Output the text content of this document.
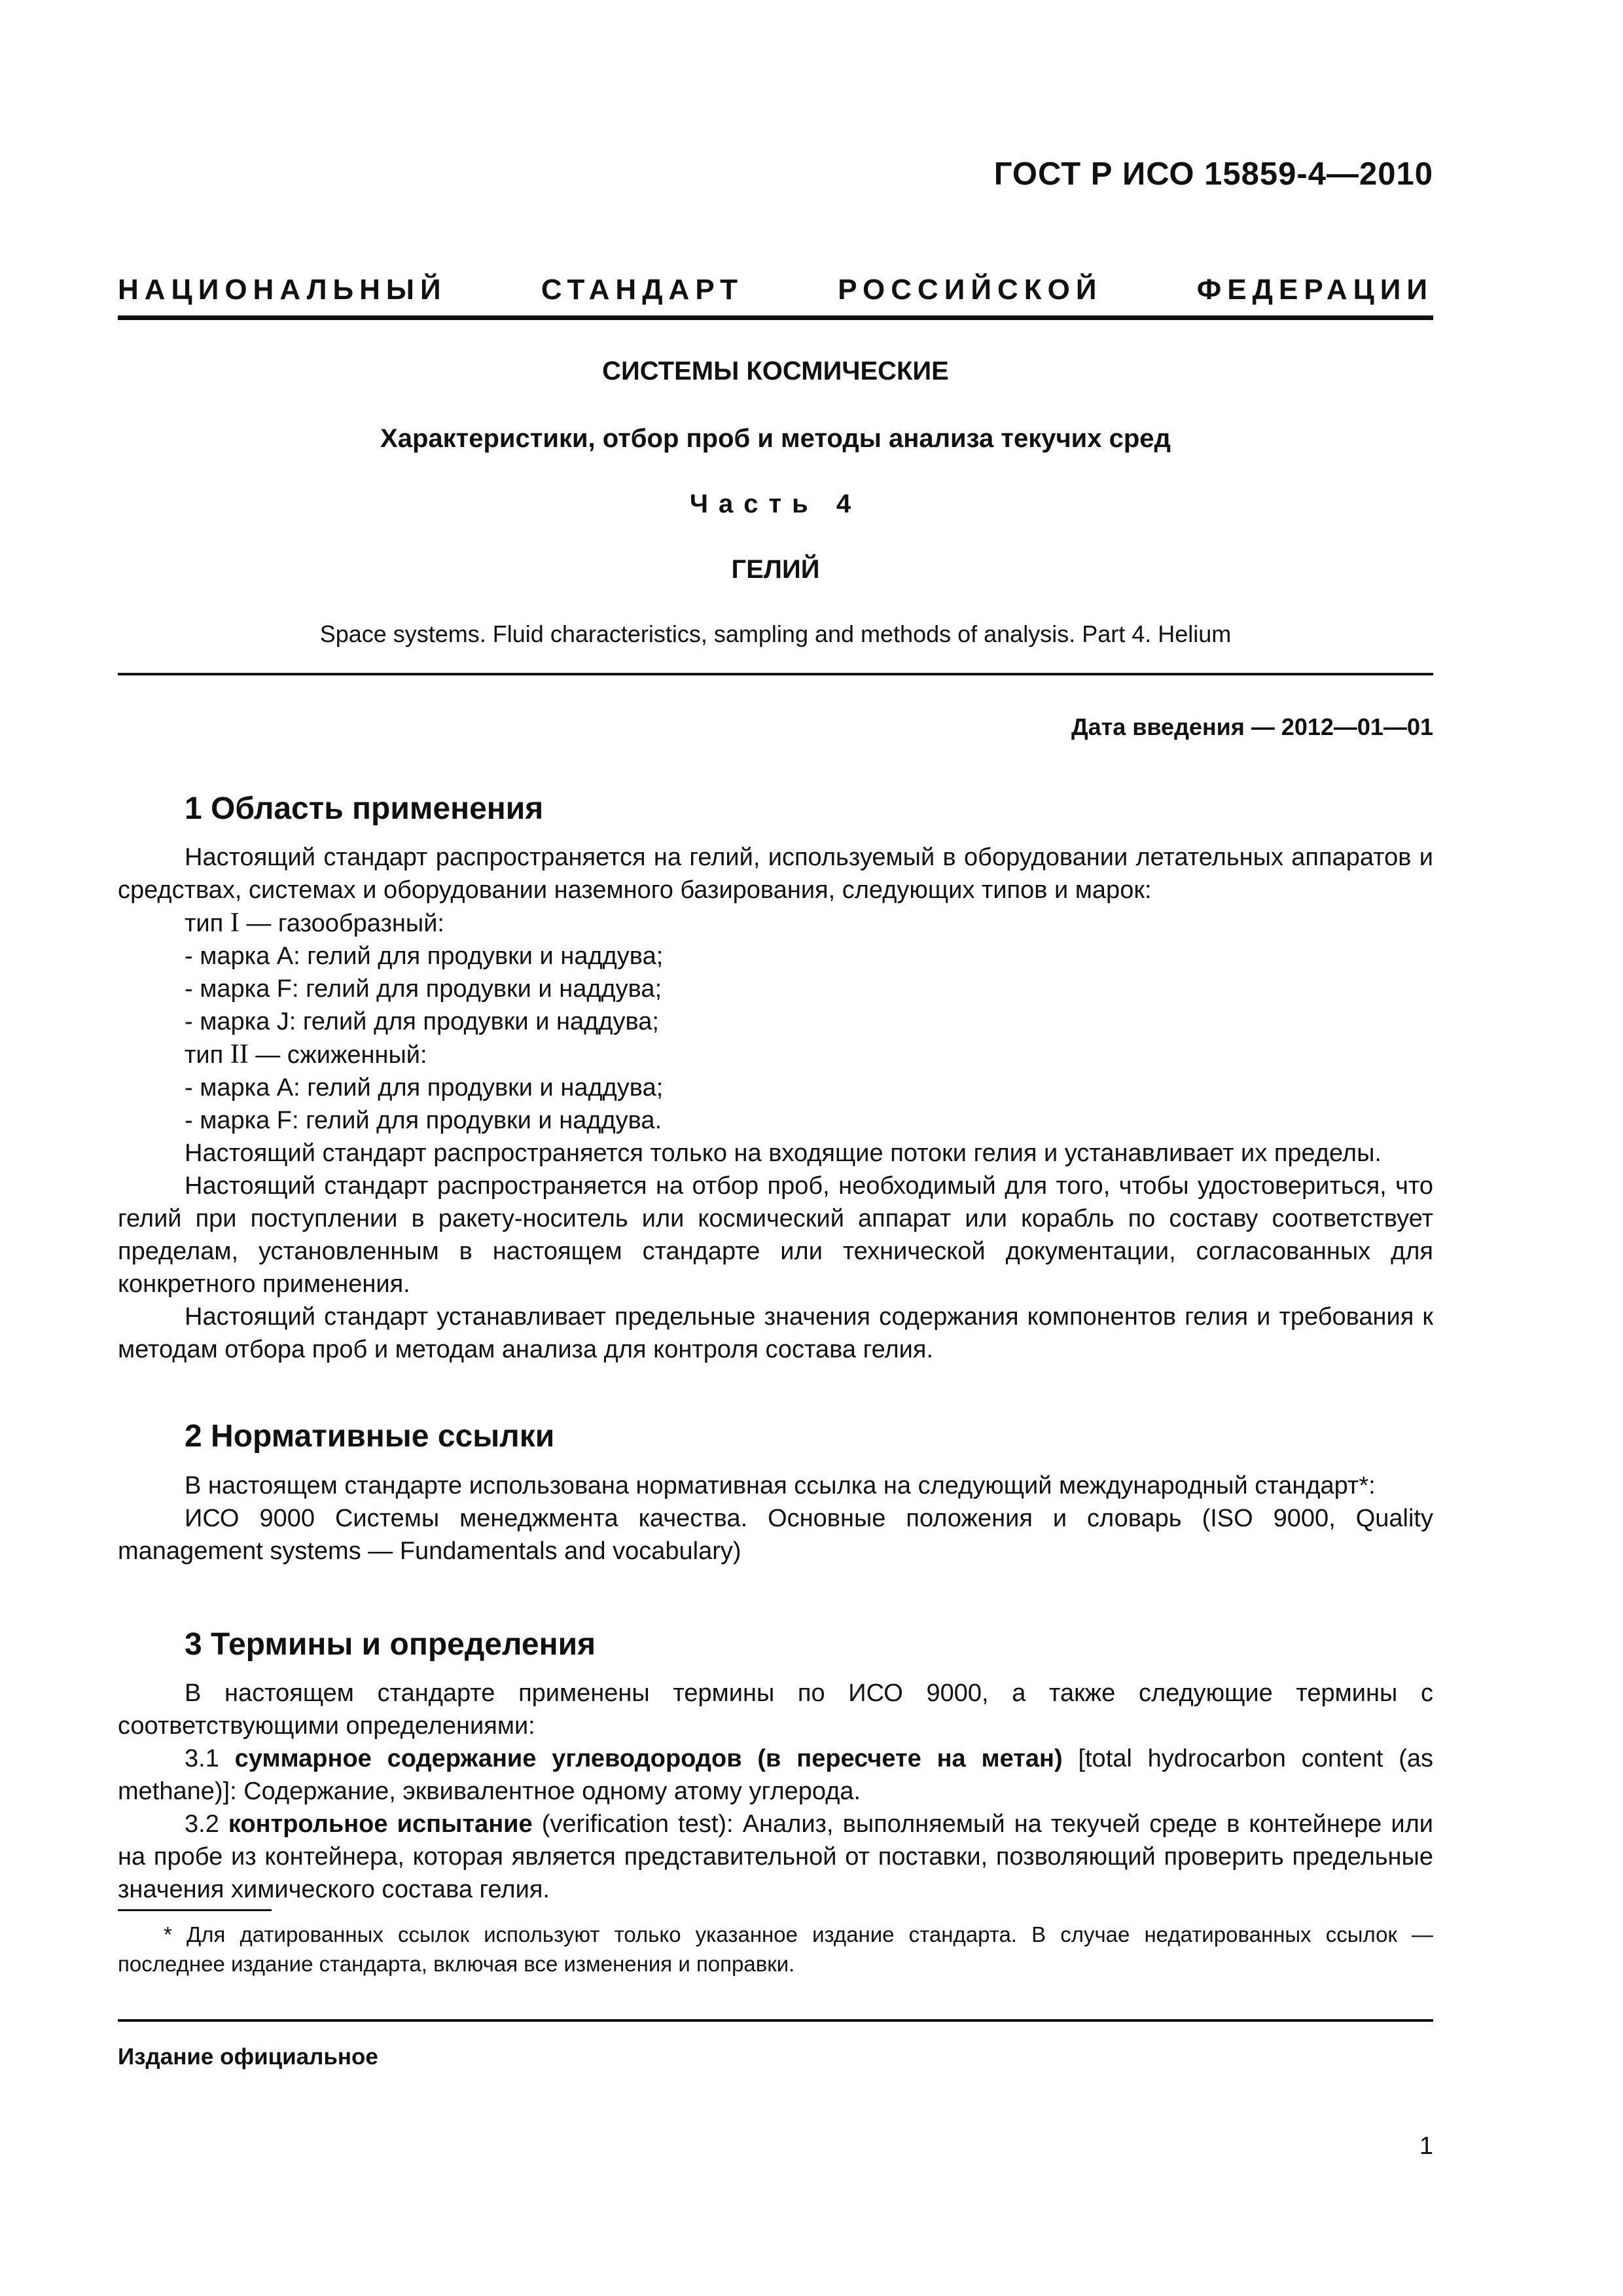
ГОСТ Р ИСО 15859-4—2010
НАЦИОНАЛЬНЫЙ СТАНДАРТ РОССИЙСКОЙ ФЕДЕРАЦИИ
СИСТЕМЫ КОСМИЧЕСКИЕ
Характеристики, отбор проб и методы анализа текучих сред
Часть 4
ГЕЛИЙ
Space systems. Fluid characteristics, sampling and methods of analysis. Part 4. Helium
Дата введения — 2012—01—01
1 Область применения

Настоящий стандарт распространяется на гелий, используемый в оборудовании летательных аппаратов и средствах, системах и оборудовании наземного базирования, следующих типов и марок:

тип I — газообразный:

- марка A: гелий для продувки и наддува;

- марка F: гелий для продувки и наддува;

- марка J: гелий для продувки и наддува;

тип II — сжиженный:

- марка A: гелий для продувки и наддува;

- марка F: гелий для продувки и наддува.

Настоящий стандарт распространяется только на входящие потоки гелия и устанавливает их пределы.

Настоящий стандарт распространяется на отбор проб, необходимый для того, чтобы удостовериться, что гелий при поступлении в ракету-носитель или космический аппарат или корабль по составу соответствует пределам, установленным в настоящем стандарте или технической документации, согласованных для конкретного применения.

Настоящий стандарт устанавливает предельные значения содержания компонентов гелия и требования к методам отбора проб и методам анализа для контроля состава гелия.

2 Нормативные ссылки

В настоящем стандарте использована нормативная ссылка на следующий международный стандарт*:

ИСО 9000 Системы менеджмента качества. Основные положения и словарь (ISO 9000, Quality management systems — Fundamentals and vocabulary)

3 Термины и определения

В настоящем стандарте применены термины по ИСО 9000, а также следующие термины с соответствующими определениями:

3.1 суммарное содержание углеводородов (в пересчете на метан) [total hydrocarbon content (as methane)]: Содержание, эквивалентное одному атому углерода.

3.2 контрольное испытание (verification test): Анализ, выполняемый на текучей среде в контейнере или на пробе из контейнера, которая является представительной от поставки, позволяющий проверить предельные значения химического состава гелия.

* Для датированных ссылок используют только указанное издание стандарта. В случае недатированных ссылок — последнее издание стандарта, включая все изменения и поправки.
Издание официальное
1
